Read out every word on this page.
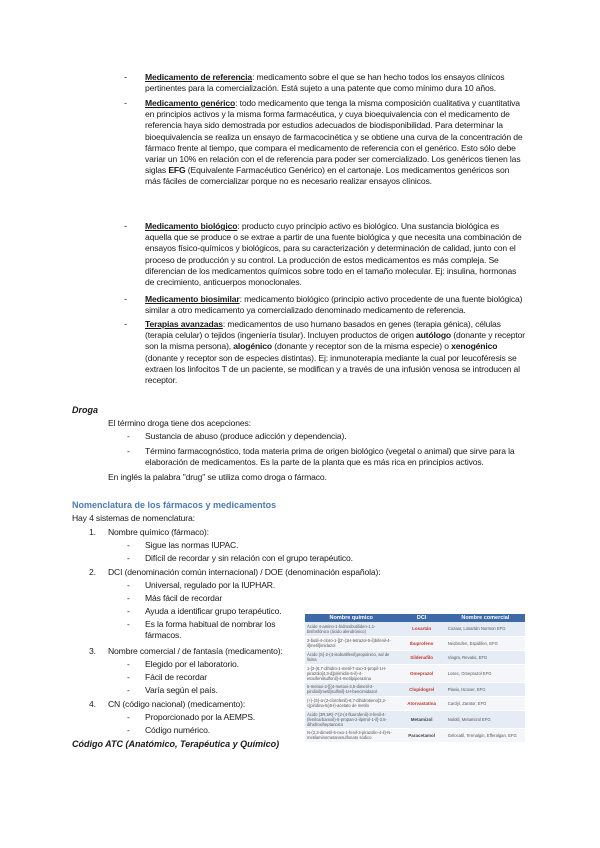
- Medicamento de referencia: medicamento sobre el que se han hecho todos los ensayos clínicos pertinentes para la comercialización. Está sujeto a una patente que como mínimo dura 10 años.
- Medicamento genérico: todo medicamento que tenga la misma composición cualitativa y cuantitativa en principios activos y la misma forma farmacéutica, y cuya bioequivalencia con el medicamento de referencia haya sido demostrada por estudios adecuados de biodisponibilidad. Para determinar la bioequivalencia se realiza un ensayo de farmacocinética y se obtiene una curva de la concentración de fármaco frente al tiempo, que compara el medicamento de referencia con el genérico. Esto sólo debe variar un 10% en relación con el de referencia para poder ser comercializado. Los genéricos tienen las siglas EFG (Equivalente Farmacéutico Genérico) en el cartonaje. Los medicamentos genéricos son más fáciles de comercializar porque no es necesario realizar ensayos clínicos.
- Medicamento biológico: producto cuyo principio activo es biológico. Una sustancia biológica es aquella que se produce o se extrae a partir de una fuente biológica y que necesita una combinación de ensayos físico-químicos y biológicos, para su caracterización y determinación de calidad, junto con el proceso de producción y su control. La producción de estos medicamentos es más compleja. Se diferencian de los medicamentos químicos sobre todo en el tamaño molecular. Ej: insulina, hormonas de crecimiento, anticuerpos monoclonales.
- Medicamento biosimilar: medicamento biológico (principio activo procedente de una fuente biológica) similar a otro medicamento ya comercializado denominado medicamento de referencia.
- Terapias avanzadas: medicamentos de uso humano basados en genes (terapia génica), células (terapia celular) o tejidos (ingeniería tisular). Incluyen productos de origen autólogo (donante y receptor son la misma persona), alogénico (donante y receptor son de la misma especie) o xenogénico (donante y receptor son de especies distintas). Ej: inmunoterapia mediante la cual por leucoféresis se extraen los linfocitos T de un paciente, se modifican y a través de una infusión venosa se introducen al receptor.
Droga
El término droga tiene dos acepciones:
- Sustancia de abuso (produce adicción y dependencia).
- Término farmacognóstico, toda materia prima de origen biológico (vegetal o animal) que sirve para la elaboración de medicamentos. Es la parte de la planta que es más rica en principios activos.
En inglés la palabra "drug" se utiliza como droga o fármaco.
Nomenclatura de los fármacos y medicamentos
Hay 4 sistemas de nomenclatura:
1. Nombre químico (fármaco):
- Sigue las normas IUPAC.
- Difícil de recordar y sin relación con el grupo terapéutico.
2. DCI (denominación común internacional) / DOE (denominación española):
- Universal, regulado por la IUPHAR.
- Más fácil de recordar
- Ayuda a identificar grupo terapéutico.
- Es la forma habitual de nombrar los fármacos.
3. Nombre comercial / de fantasía (medicamento):
- Elegido por el laboratorio.
- Fácil de recordar
- Varía según el país.
4. CN (código nacional) (medicamento):
- Proporcionado por la AEMPS.
- Código numérico.
Código ATC (Anatómico, Terapéutica y Químico)
Nombre químico	DCI	Nombre comercial
Ácido 4-amino-1-hidroxibutiliden-1,1-bisfosfónico (ácido alendrónico)	Losartán	Cozaar, Losartán Normon EFG
2-butil-4-cloro-1-[[2'-(1H-tetrazol-5-il)bifenil-4-il]metil]imidazol	Ibuprofeno	Neobrufen, Espidifen, EFG
Ácido (S)-2-(4-isobutilfenil)propiónico, sal de lisina	Sildenafilo	Viagra, Revatio, EFG
1-[3-(6,7-dihidro-1-metil-7-oxo-3-propil-1H-pirazolo[4,3-d]pirimidin-5-il)-4-etoxifenilsulfonil]-4-metilpiperazina	Omeprazol	Losec, Omeprazol EFG
5-metoxi-2-[[(4-metoxi-3,5-dimetil-2-piridinil)metil]sulfinil]-1H-bencimidazol	Clopidogrel	Plavix, Iscover, EFG
(+)-(S)-α-(2-clorofenil)-6,7-dihidrotieno[3,2-c]piridina-5(4H)-acetato de metilo	Atorvastatina	Cardyl, Zarator, EFG
Ácido (3R,5R)-7-[2-(4-fluorofenil)-3-fenil-4-(fenilcarbamoil)-5-propan-2-ilpirrol-1-il]-3,5-dihidroxiheptanoico	Metamizol	Nolotil, Metamizol EFG
N-(2,3-dimetil-5-oxo-1-fenil-3-pirazolin-4-il)-N-metilaminometanosulfonato sódico	Paracetamol	Gelocatil, Termalgin, Efferalgan, EFG
